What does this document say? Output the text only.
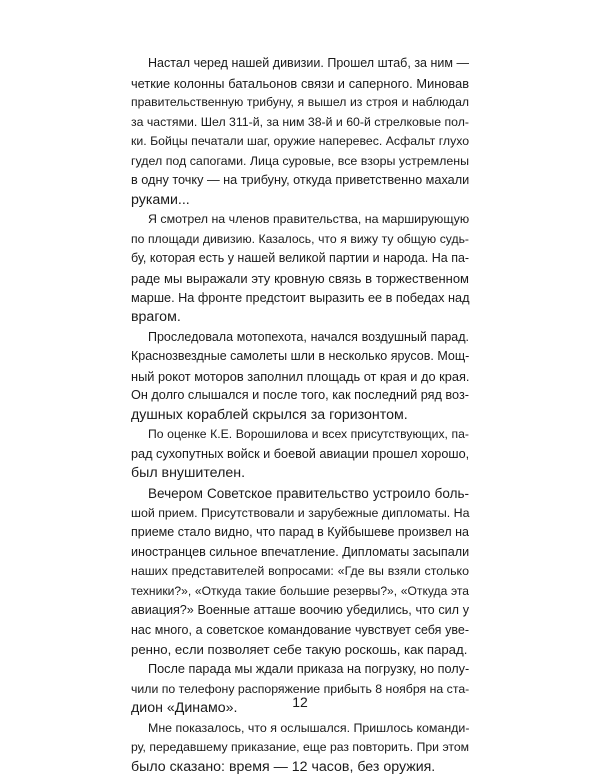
Настал черед нашей дивизии. Прошел штаб, за ним —
четкие колонны батальонов связи и саперного. Миновав
правительственную трибуну, я вышел из строя и наблюдал
за частями. Шел 311-й, за ним 38-й и 60-й стрелковые пол-
ки. Бойцы печатали шаг, оружие наперевес. Асфальт глухо
гудел под сапогами. Лица суровые, все взоры устремлены
в одну точку — на трибуну, откуда приветственно махали
руками...
Я смотрел на членов правительства, на марширующую
по площади дивизию. Казалось, что я вижу ту общую судь-
бу, которая есть у нашей великой партии и народа. На па-
раде мы выражали эту кровную связь в торжественном
марше. На фронте предстоит выразить ее в победах над
врагом.
Проследовала мотопехота, начался воздушный парад.
Краснозвездные самолеты шли в несколько ярусов. Мощ-
ный рокот моторов заполнил площадь от края и до края.
Он долго слышался и после того, как последний ряд воз-
душных кораблей скрылся за горизонтом.
По оценке К.Е. Ворошилова и всех присутствующих, па-
рад сухопутных войск и боевой авиации прошел хорошо,
был внушителен.
Вечером Советское правительство устроило боль-
шой прием. Присутствовали и зарубежные дипломаты. На
приеме стало видно, что парад в Куйбышеве произвел на
иностранцев сильное впечатление. Дипломаты засыпали
наших представителей вопросами: «Где вы взяли столько
техники?», «Откуда такие большие резервы?», «Откуда эта
авиация?» Военные атташе воочию убедились, что сил у
нас много, а советское командование чувствует себя уве-
ренно, если позволяет себе такую роскошь, как парад.
После парада мы ждали приказа на погрузку, но полу-
чили по телефону распоряжение прибыть 8 ноября на ста-
дион «Динамо».
Мне показалось, что я ослышался. Пришлось команди-
ру, передавшему приказание, еще раз повторить. При этом
было сказано: время — 12 часов, без оружия.
12
